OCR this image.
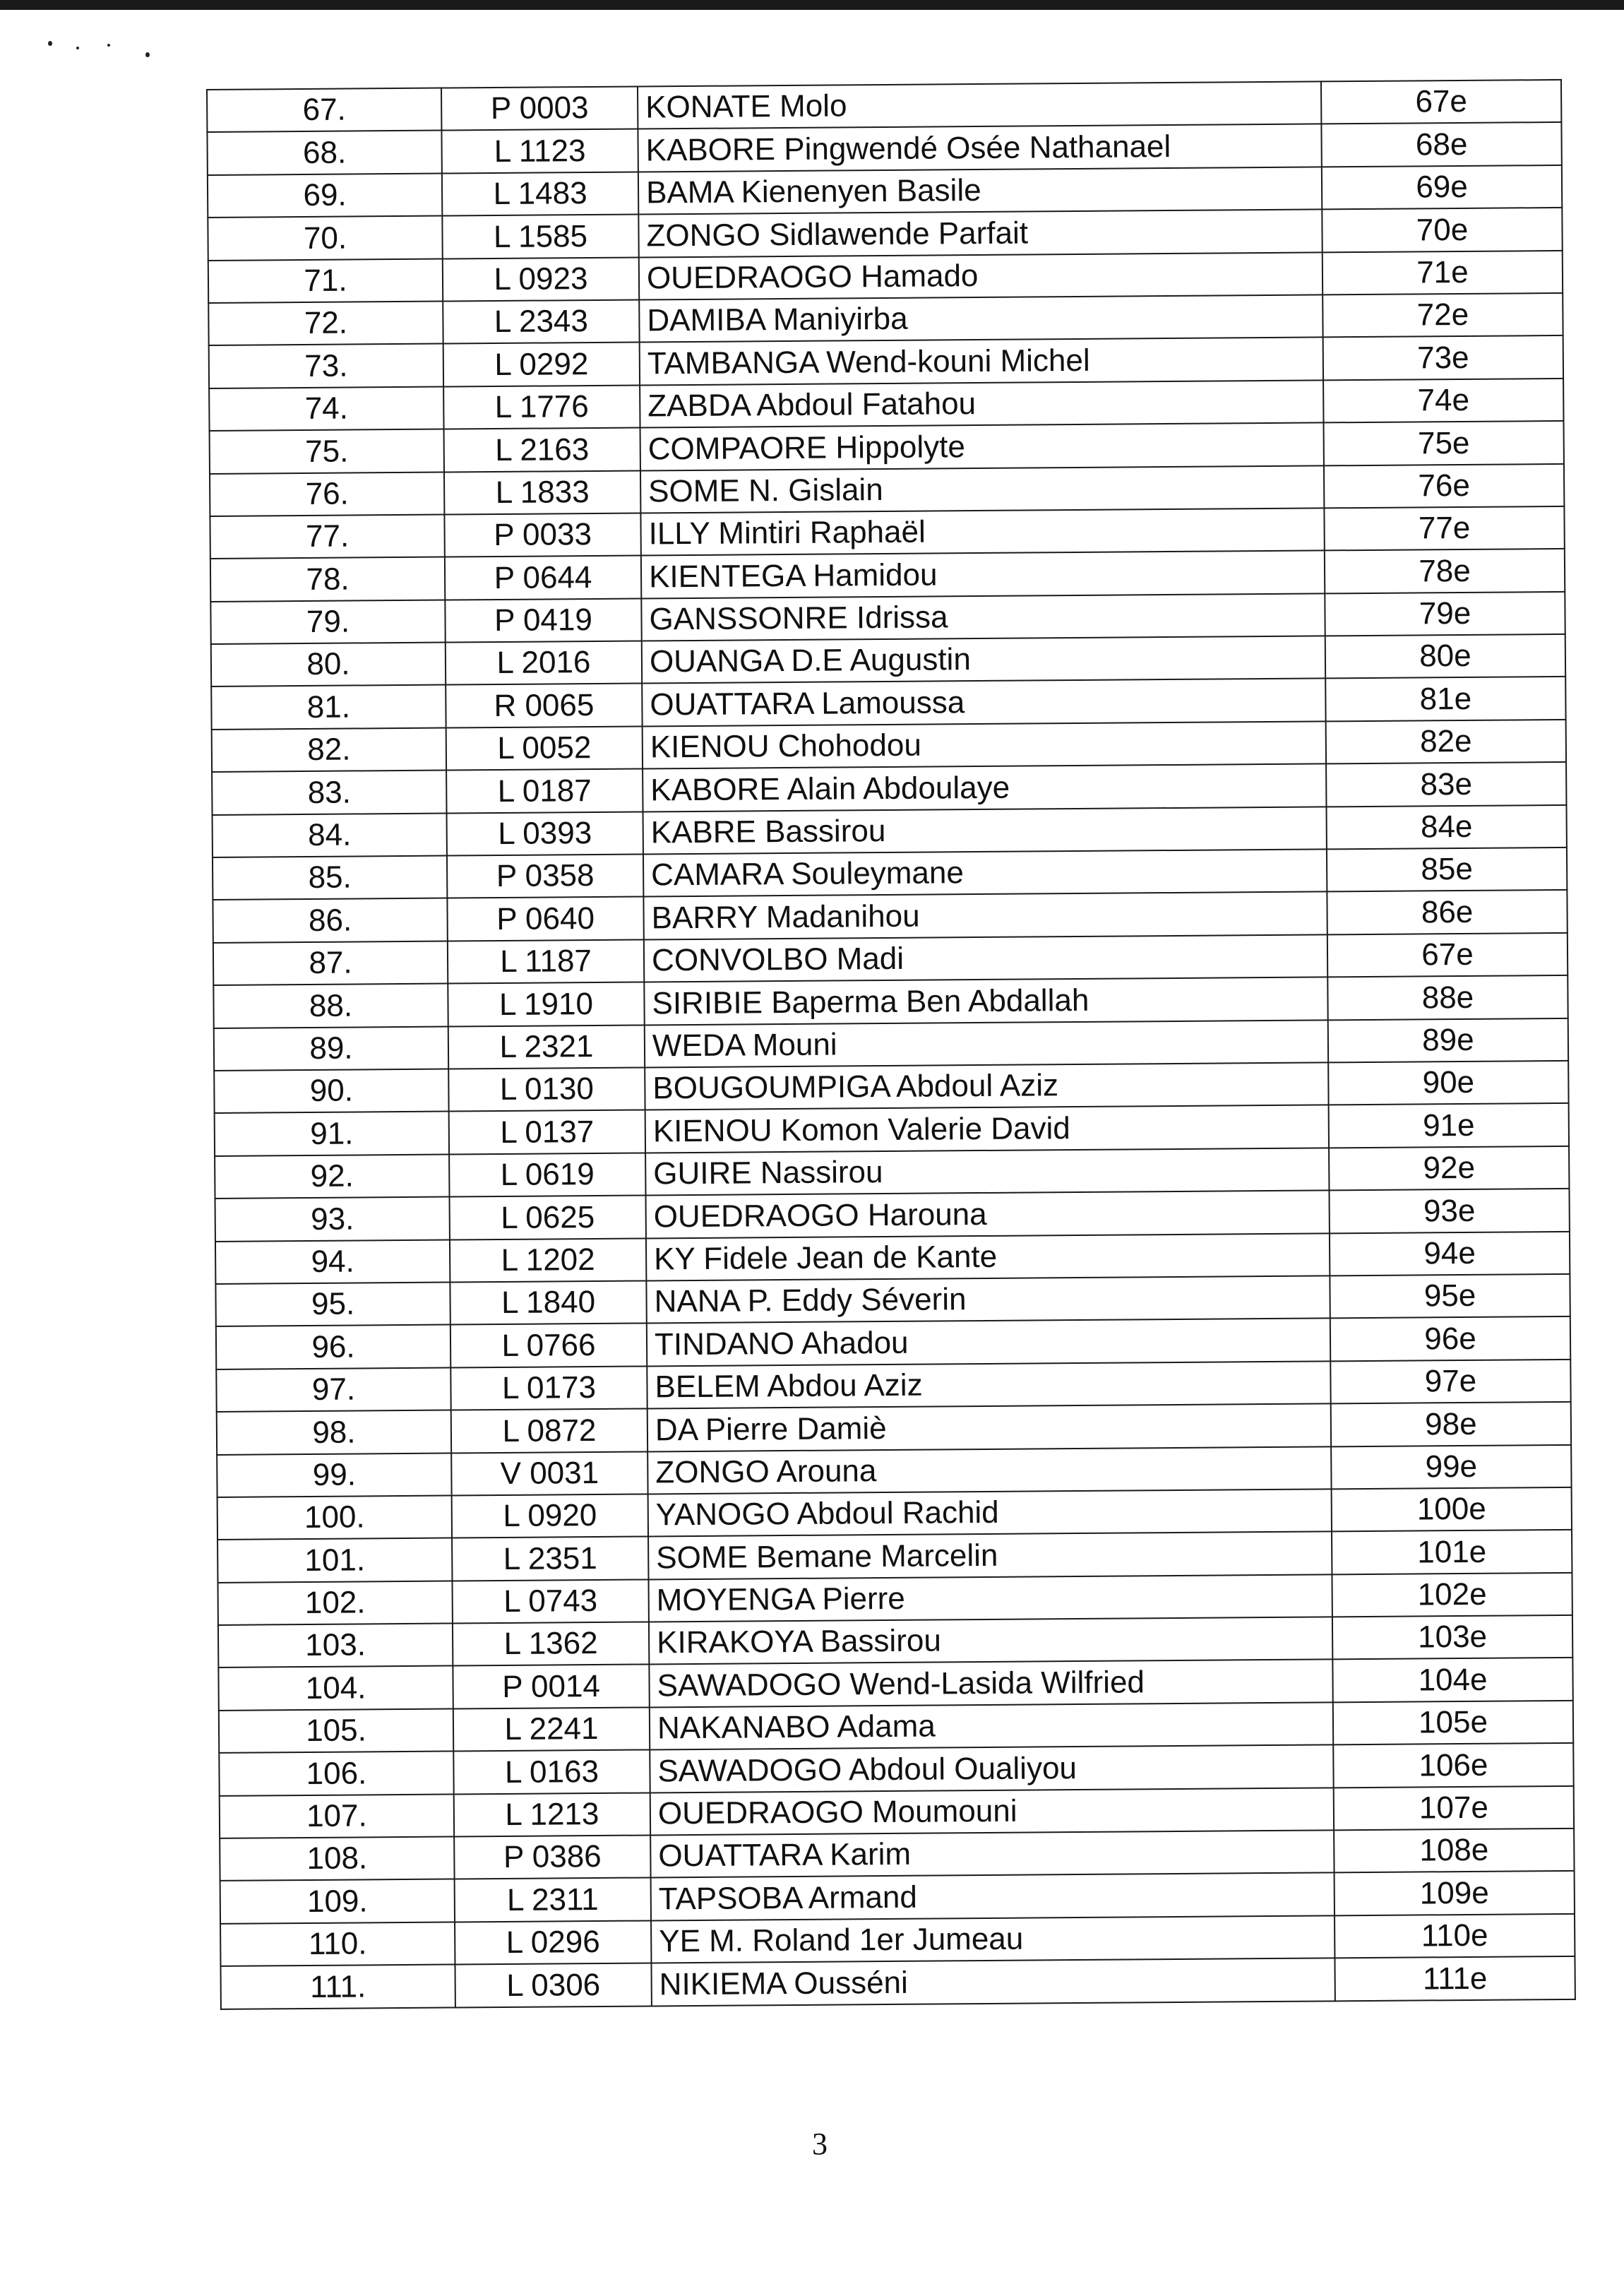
67.	P 0003	KONATE Molo	67e
68.	L 1123	KABORE Pingwendé Osée Nathanael	68e
69.	L 1483	BAMA Kienenyen Basile	69e
70.	L 1585	ZONGO Sidlawende Parfait	70e
71.	L 0923	OUEDRAOGO Hamado	71e
72.	L 2343	DAMIBA Maniyirba	72e
73.	L 0292	TAMBANGA Wend-kouni Michel	73e
74.	L 1776	ZABDA Abdoul Fatahou	74e
75.	L 2163	COMPAORE Hippolyte	75e
76.	L 1833	SOME N. Gislain	76e
77.	P 0033	ILLY Mintiri Raphaël	77e
78.	P 0644	KIENTEGA Hamidou	78e
79.	P 0419	GANSSONRE Idrissa	79e
80.	L 2016	OUANGA D.E Augustin	80e
81.	R 0065	OUATTARA Lamoussa	81e
82.	L 0052	KIENOU Chohodou	82e
83.	L 0187	KABORE Alain Abdoulaye	83e
84.	L 0393	KABRE Bassirou	84e
85.	P 0358	CAMARA Souleymane	85e
86.	P 0640	BARRY Madanihou	86e
87.	L 1187	CONVOLBO Madi	67e
88.	L 1910	SIRIBIE Baperma Ben Abdallah	88e
89.	L 2321	WEDA Mouni	89e
90.	L 0130	BOUGOUMPIGA Abdoul Aziz	90e
91.	L 0137	KIENOU Komon Valerie David	91e
92.	L 0619	GUIRE Nassirou	92e
93.	L 0625	OUEDRAOGO Harouna	93e
94.	L 1202	KY Fidele Jean de Kante	94e
95.	L 1840	NANA P. Eddy Séverin	95e
96.	L 0766	TINDANO Ahadou	96e
97.	L 0173	BELEM Abdou Aziz	97e
98.	L 0872	DA Pierre Damiè	98e
99.	V 0031	ZONGO Arouna	99e
100.	L 0920	YANOGO Abdoul Rachid	100e
101.	L 2351	SOME Bemane Marcelin	101e
102.	L 0743	MOYENGA Pierre	102e
103.	L 1362	KIRAKOYA Bassirou	103e
104.	P 0014	SAWADOGO Wend-Lasida Wilfried	104e
105.	L 2241	NAKANABO Adama	105e
106.	L 0163	SAWADOGO Abdoul Oualiyou	106e
107.	L 1213	OUEDRAOGO Moumouni	107e
108.	P 0386	OUATTARA Karim	108e
109.	L 2311	TAPSOBA Armand	109e
110.	L 0296	YE M. Roland 1er Jumeau	110e
111.	L 0306	NIKIEMA Ousséni	111e
3
